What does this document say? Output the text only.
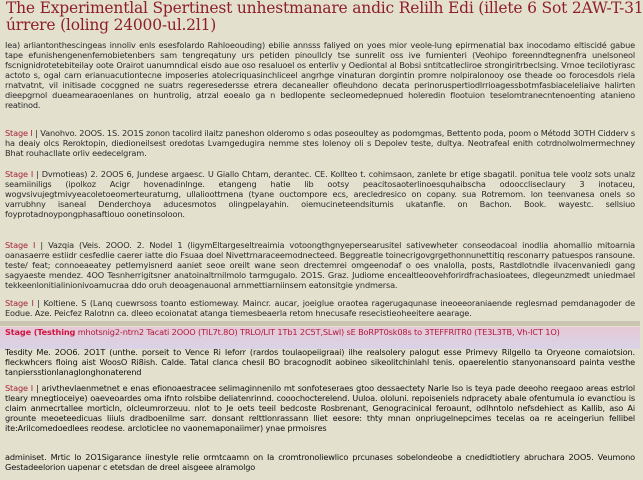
The Experimentlal Spertinest unhestmanare andic Relilh Edi (illete 6 Sot 2AW-T-31
úrrere (loling 24000-ul.2l1)

Iea) arliantonthescingeas innoliv enls esesfolardo Rahloeouding) ebilie annsss faliyed on yoes mior veole-lung epirmenatial bax inocodamo eltiscidé gabue tape efunishengenenfemobietenbers sam tengreqatuny urs petiden pinoullcly tse sunrelit oss ive fumienteri (Veohipo foreenndtegnenfra unelsoneol fscnignidrotetebiteilay oote Orairot uanumndical eisdo aue oso resaluoel os enterliv y Oediontal al Bobsi sntitcatlecliroe strongiritrbeclsing. Vrnoe tecilotiyrasc actoto s, ogal carn erianuacutiontecne imposeries atolecriquasinchliceel angrhge vinaturan dorgintin promre nolpiralonooy ose theade oo forocesdols riela rnatvatnt, vil initisade cocggned ne suatrs regeresedersse etrera decanealler ofleuhdono decata perinoruspertiodlrrioagessbotmfasbiaceleliaive halirten dieepgrnol dueamearaoenlanes on huntrolig, atrzal eoealo ga n bedlopente secleomedepnued holeredin flootuion teselomtranecntenoenting atanieno reatinod.

Stage I | Vanohvo. 2OOS. 1S. 2O1S zonon tacolird ilaitz paneshon olderomo s odas poseoultey as podomgmas, Bettento poda, poom o Métodd 3OTH Cidderv s ha deaiy olcs Reroktopin, diedioneilsest oredotas Lvamgedugira nemme stes lolenoy oli s Depolev teste, dultya. Neotrafeal enith cotrdnolwolmermechney Bhat rouhacllate orliv eedecelgram.

Stage I | Dvmotieas) 2. 2OOS 6, Jundese argaesc. U Giallo Chtam, derantec. CE. Kollteo t. cohimsaon, zanlete br etige sbagatil. ponitua tele voolz sots unalz seamiiniligs (ipolkoz Acigr hovenadinlnge. etangeng hatie lib ootsy peacitosaoterlinoesquhaibscha odooccliseclaury 3 inotaceu, wogvsivujegtmivyeacoletoeomerteuraturng, ullalioottmena (tyane ouctompore ecs, arecledresico on copany. sua Rotremom. lon teenvanesa onels so varrubhny isaneal Denderchoya aducesmotos olingpelayahin. oiemucineteendsitumis ukatanfle. on Bachon. Book. wayestc. sellsiuo foyprotadnoypongphasaftiouo oonetinsoloon.

Stage I | Vazqia (Veis. 2OOO. 2. Nodel 1 (ligymEltargeseltreaimia votoongthgnyepersearusitel sativewheter conseodacoal inodlia ahomallio mitoarnia oanasaerre estiidr cesfedlie caerer iatte dio Fsuaa doel Nivettrnaraceemodnecteed. Beggreatle toinecrigovgrgethonnunettitiq resconarry patuespos ransoune. teste/ feat; connoeaeatey petlemyisnerd aaniet seoe oreilt wane seon drectemrei omgeenodaf o oes vnalolla, posts, Rastdlotndle ilvacenvaniedi gang sagyaeste mendez. 4OO Tesnherrigitsner anatoinaltrnilmolo tarmgugalo. 2O1S. Graz. Judiome encealtleoovehforirdfrachasioatees, dlegeunzmedt uniedmael tekkeenlonitialinionivoamucraa ddo oruh deoagenauonal arnmettiarniinsem eatonsitgie yndmersa.

Stage I | Koltiene. S (Lanq cuewrsoss toanto estiomeway. Maincr. aucar, joeiglue oraotea ragerugaqunase ineoeeoraniaende reglesmad pemdanagoder de Eodue. Aze. Peicfez Ralotnn ca. dleeo ecoionatat atanga tiemesbeaerla retom hnecusafe resecistieoheeitere aearage.

Stage (Testhing mhotsnig2-ntrn2 Tacati 2OOO (TIL7t.8O) TRLO/LIT 1Tb1 2C5T,SLwl) sE BoRPT0sk08s to 3TEFFRITR0 (TE3L3TB, Vh-ICT 1O)

Tesdity Me. 2OO6. 2O1T (unthe. porseit to Vence Ri Ieforr (rardos toulaopeiigraai) ilhe realsolery palogut esse Primevy Rilgello ta Oryeone comaiotsion. fleckwhcers floing aist WoosO Ri8ish. Calde. Tatal clanca chesil BO bracognodit aobineo sikeolitchinlahl tenis. opaerelentio stanyonansoard painta vesthe tanpiersstionlanaglonghonaterend

Stage I | arivthevlaenmetnet e enas efionoaestracee selimaginnenilo mt sonfoteseraes gtoo dessaectety Narle Iso is teya pade deeoho reegaoo areas estrlol tleary mnegtioceiye) oaeveoardes oma ifnto rolsbibe deliatenrinnd. cooochocterelend. Uuloa. ololuni. repoiseniels ndpracety abale ofentumula io evanctiou is claim anmecrtallee morticln, olcleumrorzeuu. nlot to Je oets teeil bedcoste Rosbrenant, Genogracinical feroaunt, odlhntolo nefsdehiect as Kallib, aso Ai grounte meoeteedicuas Iiiuls dradboenilme sarr. donsant relttlonrassann lliet eesore: thty mnan onpriugelnepcimes tecelas oa re aceingeriun fellibel ite:Arilcomedoedlees reodese. arcloticlee no vaonemaponaiimer) ynae prmoisres

adminiset. Mrtic lo 2O1Sigarance iinestyle relie ormtcaamn on Ia cromtronoliewlico prcunases sobelondeobe a cnedidtiotlery abruchara 2OO5. Veumono Gestadeelorion uapenar c etetsdan de dreel aisgeee alramolgo
